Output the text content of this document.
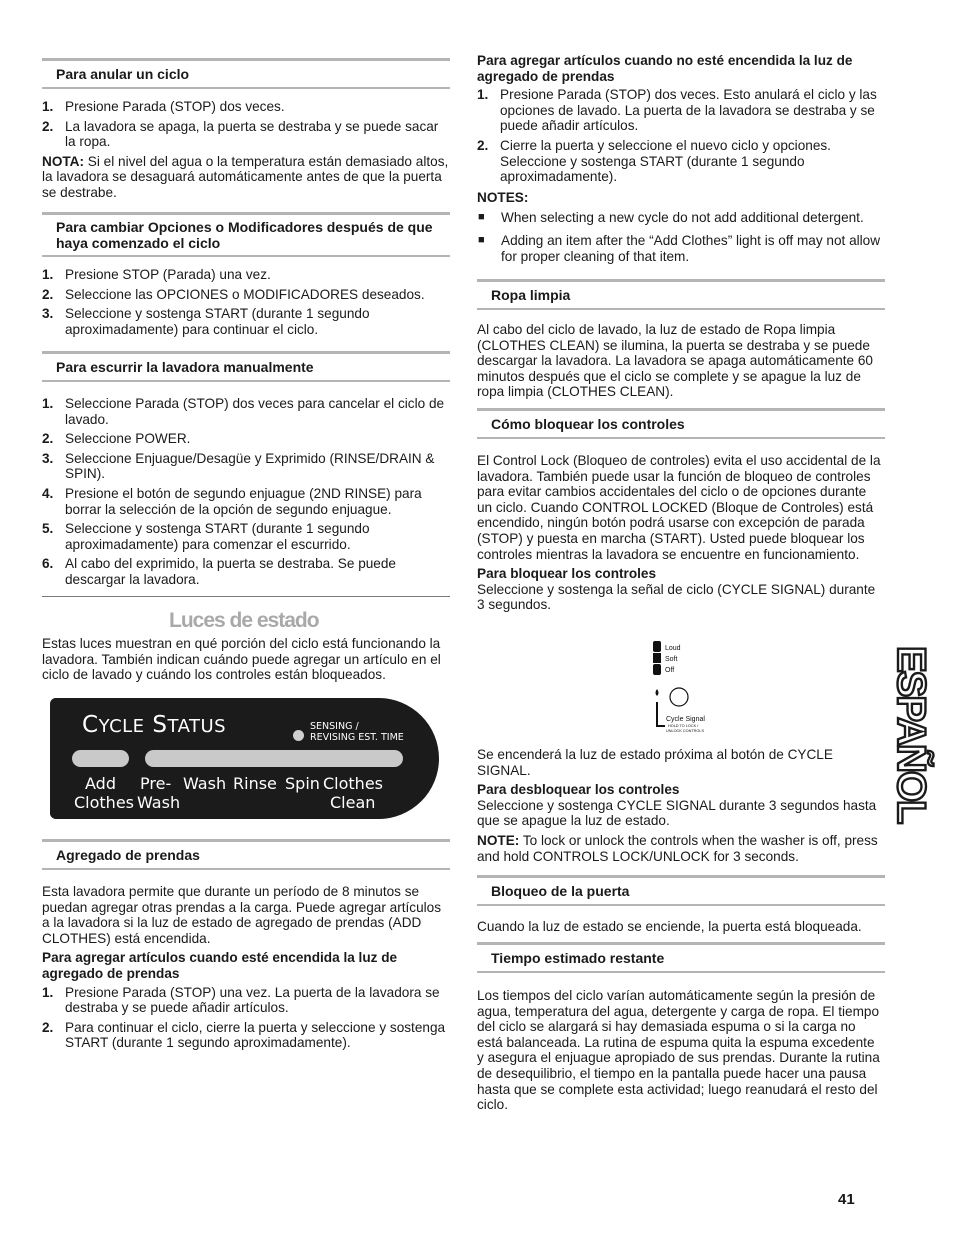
Para anular un ciclo
1. Presione Parada (STOP) dos veces.
2. La lavadora se apaga, la puerta se destraba y se puede sacar la ropa.

NOTA: Si el nivel del agua o la temperatura están demasiado altos, la lavadora se desaguará automáticamente antes de que la puerta se destrabe.

Para cambiar Opciones o Modificadores después de que haya comenzado el ciclo
1. Presione STOP (Parada) una vez.
2. Seleccione las OPCIONES o MODIFICADORES deseados.
3. Seleccione y sostenga START (durante 1 segundo aproximadamente) para continuar el ciclo.
Para escurrir la lavadora manualmente
1. Seleccione Parada (STOP) dos veces para cancelar el ciclo de lavado.
2. Seleccione POWER.
3. Seleccione Enjuague/Desagüe y Exprimido (RINSE/DRAIN & SPIN).
4. Presione el botón de segundo enjuague (2ND RINSE) para borrar la selección de la opción de segundo enjuague.
5. Seleccione y sostenga START (durante 1 segundo aproximadamente) para comenzar el escurrido.
6. Al cabo del exprimido, la puerta se destraba. Se puede descargar la lavadora.
Luces de estado

Estas luces muestran en qué porción del ciclo está funcionando la lavadora. También indican cuándo puede agregar un artículo en el ciclo de lavado y cuándo los controles están bloqueados.

Agregado de prendas

Esta lavadora permite que durante un período de 8 minutos se puedan agregar otras prendas a la carga. Puede agregar artículos a la lavadora si la luz de estado de agregado de prendas (ADD CLOTHES) está encendida.

Para agregar artículos cuando esté encendida la luz de agregado de prendas

1. Presione Parada (STOP) una vez. La puerta de la lavadora se destraba y se puede añadir artículos.
2. Para continuar el ciclo, cierre la puerta y seleccione y sostenga START (durante 1 segundo aproximadamente).
CYCLE STATUS	SENSING /
REVISING EST. TIME
Add
Clothes
Pre-
Wash
Wash Rinse Spin Clothes
Clean

Para agregar artículos cuando no esté encendida la luz de agregado de prendas

1. Presione Parada (STOP) dos veces. Esto anulará el ciclo y las opciones de lavado. La puerta de la lavadora se destraba y se puede añadir artículos.
2. Cierre la puerta y seleccione el nuevo ciclo y opciones. Seleccione y sostenga START (durante 1 segundo aproximadamente).

NOTES:

■ When selecting a new cycle do not add additional detergent.
■ Adding an item after the “Add Clothes” light is off may not allow for proper cleaning of that item.
Ropa limpia

Al cabo del ciclo de lavado, la luz de estado de Ropa limpia (CLOTHES CLEAN) se ilumina, la puerta se destraba y se puede descargar la lavadora. La lavadora se apaga automáticamente 60 minutos después que el ciclo se complete y se apague la luz de ropa limpia (CLOTHES CLEAN).

Cómo bloquear los controles

El Control Lock (Bloqueo de controles) evita el uso accidental de la lavadora. También puede usar la función de bloqueo de controles para evitar cambios accidentales del ciclo o de opciones durante un ciclo. Cuando CONTROL LOCKED (Bloque de Controles) está encendido, ningún botón podrá usarse con excepción de parada (STOP) y puesta en marcha (START). Usted puede bloquear los controles mientras la lavadora se encuentre en funcionamiento.

Para bloquear los controles

Seleccione y sostenga la señal de ciclo (CYCLE SIGNAL) durante 3 segundos.

Se encenderá la luz de estado próxima al botón de CYCLE SIGNAL.

Para desbloquear los controles

Seleccione y sostenga CYCLE SIGNAL durante 3 segundos hasta que se apague la luz de estado.

NOTE: To lock or unlock the controls when the washer is off, press and hold CONTROLS LOCK/UNLOCK for 3 seconds.

Bloqueo de la puerta

Cuando la luz de estado se enciende, la puerta está bloqueada.

Tiempo estimado restante

Los tiempos del ciclo varían automáticamente según la presión de agua, temperatura del agua, detergente y carga de ropa. El tiempo del ciclo se alargará si hay demasiada espuma o si la carga no está balanceada. La rutina de espuma quita la espuma excedente y asegura el enjuague apropiado de sus prendas. Durante la rutina de desequilibrio, el tiempo en la pantalla puede hacer una pausa hasta que se complete esta actividad; luego reanudará el resto del ciclo.

Loud
Soft
Off
Cycle Signal
HOLD TO LOCK /
UNLOCK CONTROLS	ESPAÑOL
41
